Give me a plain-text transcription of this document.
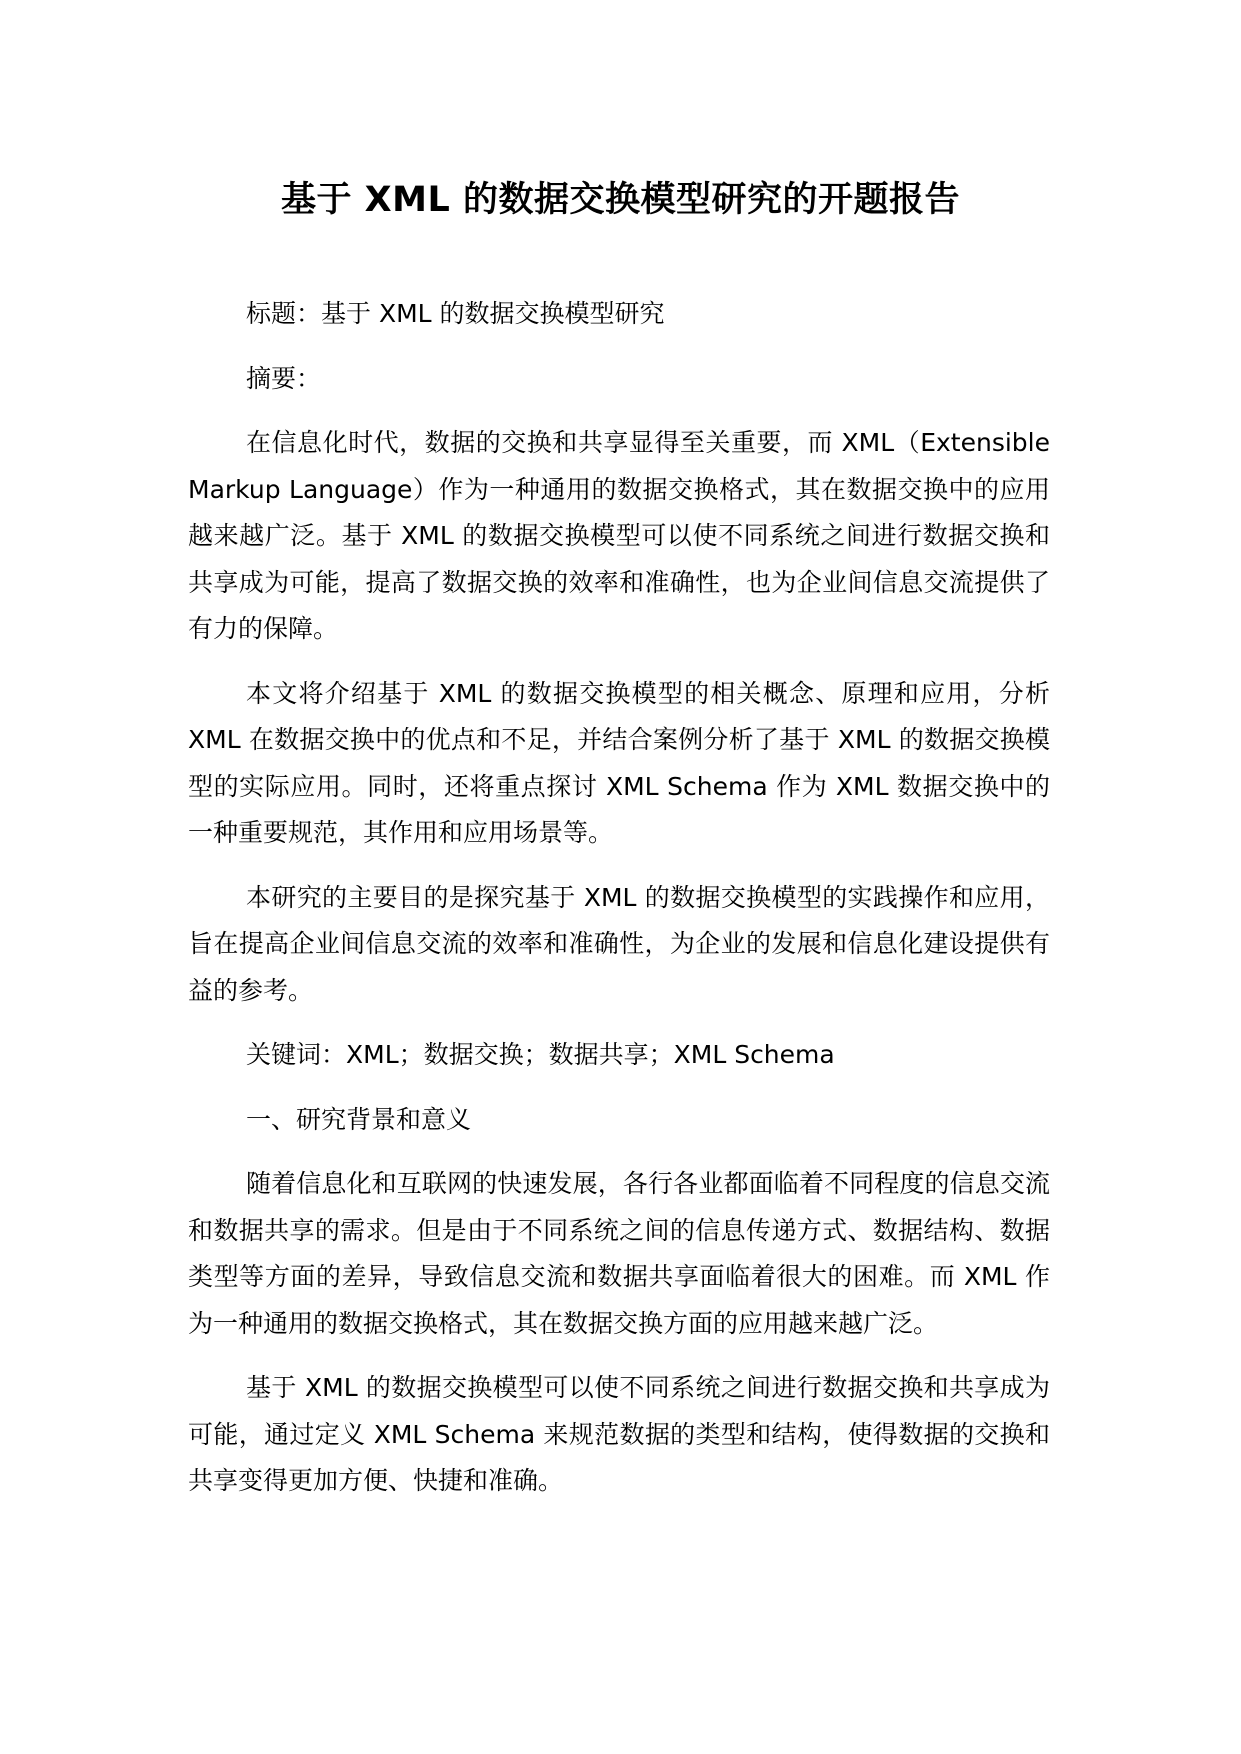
基于 XML 的数据交换模型研究的开题报告

标题：基于 XML 的数据交换模型研究

摘要：

在信息化时代，数据的交换和共享显得至关重要，而 XML（Extensible Markup Language）作为一种通用的数据交换格式，其在数据交换中的应用越来越广泛。基于 XML 的数据交换模型可以使不同系统之间进行数据交换和共享成为可能，提高了数据交换的效率和准确性，也为企业间信息交流提供了有力的保障。

本文将介绍基于 XML 的数据交换模型的相关概念、原理和应用，分析 XML 在数据交换中的优点和不足，并结合案例分析了基于 XML 的数据交换模型的实际应用。同时，还将重点探讨 XML Schema 作为 XML 数据交换中的一种重要规范，其作用和应用场景等。

本研究的主要目的是探究基于 XML 的数据交换模型的实践操作和应用，旨在提高企业间信息交流的效率和准确性，为企业的发展和信息化建设提供有益的参考。

关键词：XML；数据交换；数据共享；XML Schema

一、研究背景和意义

随着信息化和互联网的快速发展，各行各业都面临着不同程度的信息交流和数据共享的需求。但是由于不同系统之间的信息传递方式、数据结构、数据类型等方面的差异，导致信息交流和数据共享面临着很大的困难。而 XML 作为一种通用的数据交换格式，其在数据交换方面的应用越来越广泛。

基于 XML 的数据交换模型可以使不同系统之间进行数据交换和共享成为可能，通过定义 XML Schema 来规范数据的类型和结构，使得数据的交换和共享变得更加方便、快捷和准确。
